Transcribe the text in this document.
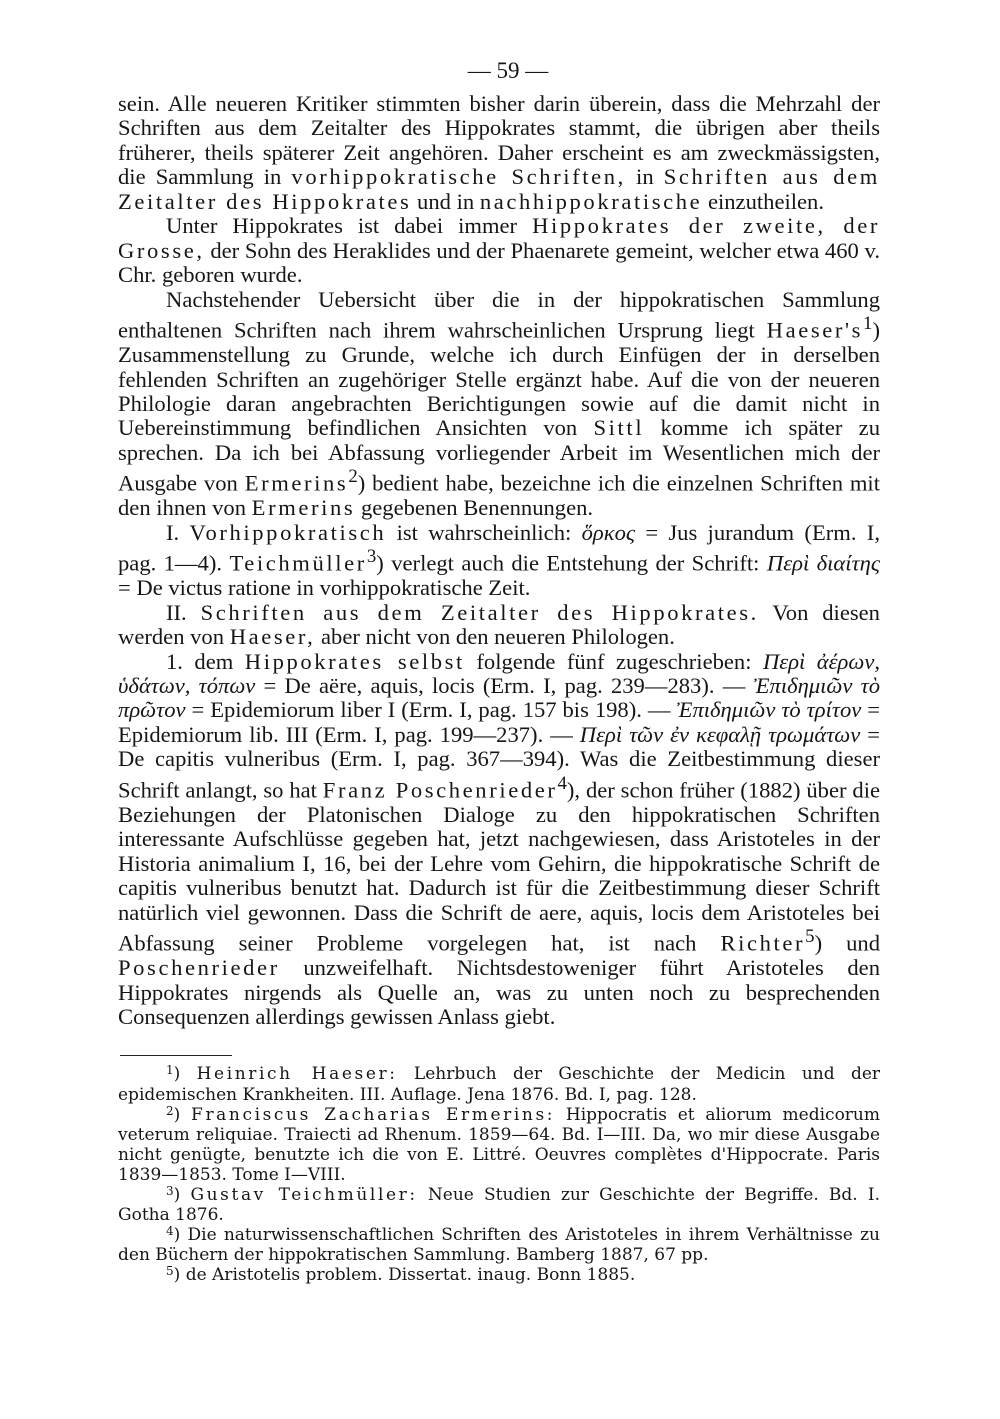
— 59 —

sein. Alle neueren Kritiker stimmten bisher darin überein, dass die Mehrzahl der Schriften aus dem Zeitalter des Hippokrates stammt, die übrigen aber theils früherer, theils späterer Zeit angehören. Daher erscheint es am zweckmässigsten, die Sammlung in vorhippokratische Schriften, in Schriften aus dem Zeitalter des Hippokrates und in nachhippokratische einzutheilen.

Unter Hippokrates ist dabei immer Hippokrates der zweite, der Grosse, der Sohn des Heraklides und der Phaenarete gemeint, welcher etwa 460 v. Chr. geboren wurde.

Nachstehender Uebersicht über die in der hippokratischen Sammlung enthaltenen Schriften nach ihrem wahrscheinlichen Ursprung liegt $Haeser's^1$) Zusammenstellung zu Grunde, welche ich durch Einfügen der in derselben fehlenden Schriften an zugehöriger Stelle ergänzt habe. Auf die von der neueren Philologie daran angebrachten Berichtigungen sowie auf die damit nicht in Uebereinstimmung befindlichen Ansichten von Sittl komme ich später zu sprechen. Da ich bei Abfassung vorliegender Arbeit im Wesentlichen mich der Ausgabe von Ermerins$^2$) bedient habe, bezeichne ich die einzelnen Schriften mit den ihnen von Ermerins gegebenen Benennungen.

I. Vorhippokratisch ist wahrscheinlich: ὅρκος = Jus jurandum (Erm. I, pag. 1—4). Teichmüller$^3$) verlegt auch die Entstehung der Schrift: Περὶ διαίτης = De victus ratione in vorhippokratische Zeit.

II. Schriften aus dem Zeitalter des Hippokrates. Von diesen werden von Haeser, aber nicht von den neueren Philologen.

1. dem Hippokrates selbst folgende fünf zugeschrieben: Περὶ ἀέρων, ὑδάτων, τόπων = De aëre, aquis, locis (Erm. I, pag. 239—283). — Ἐπιδημιῶν τὸ πρῶτον = Epidemiorum liber I (Erm. I, pag. 157 bis 198). — Ἐπιδημιῶν τὸ τρίτον = Epidemiorum lib. III (Erm. I, pag. 199—237). — Περὶ τῶν ἐν κεφαλῇ τρωμάτων = De capitis vulneribus (Erm. I, pag. 367—394). Was die Zeitbestimmung dieser Schrift anlangt, so hat Franz Poschenrieder$^4$), der schon früher (1882) über die Beziehungen der Platonischen Dialoge zu den hippokratischen Schriften interessante Aufschlüsse gegeben hat, jetzt nachgewiesen, dass Aristoteles in der Historia animalium I, 16, bei der Lehre vom Gehirn, die hippokratische Schrift de capitis vulneribus benutzt hat. Dadurch ist für die Zeitbestimmung dieser Schrift natürlich viel gewonnen. Dass die Schrift de aere, aquis, locis dem Aristoteles bei Abfassung seiner Probleme vorgelegen hat, ist nach Richter$^5$) und Poschenrieder unzweifelhaft. Nichtsdestoweniger führt Aristoteles den Hippokrates nirgends als Quelle an, was zu unten noch zu besprechenden Consequenzen allerdings gewissen Anlass giebt.

$^1$) Heinrich Haeser: Lehrbuch der Geschichte der Medicin und der epidemischen Krankheiten. III. Auflage. Jena 1876. Bd. I, pag. 128.

$^2$) Franciscus Zacharias Ermerins: Hippocratis et aliorum medicorum veterum reliquiae. Traiecti ad Rhenum. 1859—64. Bd. I—III. Da, wo mir diese Ausgabe nicht genügte, benutzte ich die von E. Littré. Oeuvres complètes d'Hippocrate. Paris 1839—1853. Tome I—VIII.

$^3$) Gustav Teichmüller: Neue Studien zur Geschichte der Begriffe. Bd. I. Gotha 1876.

$^4$) Die naturwissenschaftlichen Schriften des Aristoteles in ihrem Verhältnisse zu den Büchern der hippokratischen Sammlung. Bamberg 1887, 67 pp.

$^5$) de Aristotelis problem. Dissertat. inaug. Bonn 1885.
